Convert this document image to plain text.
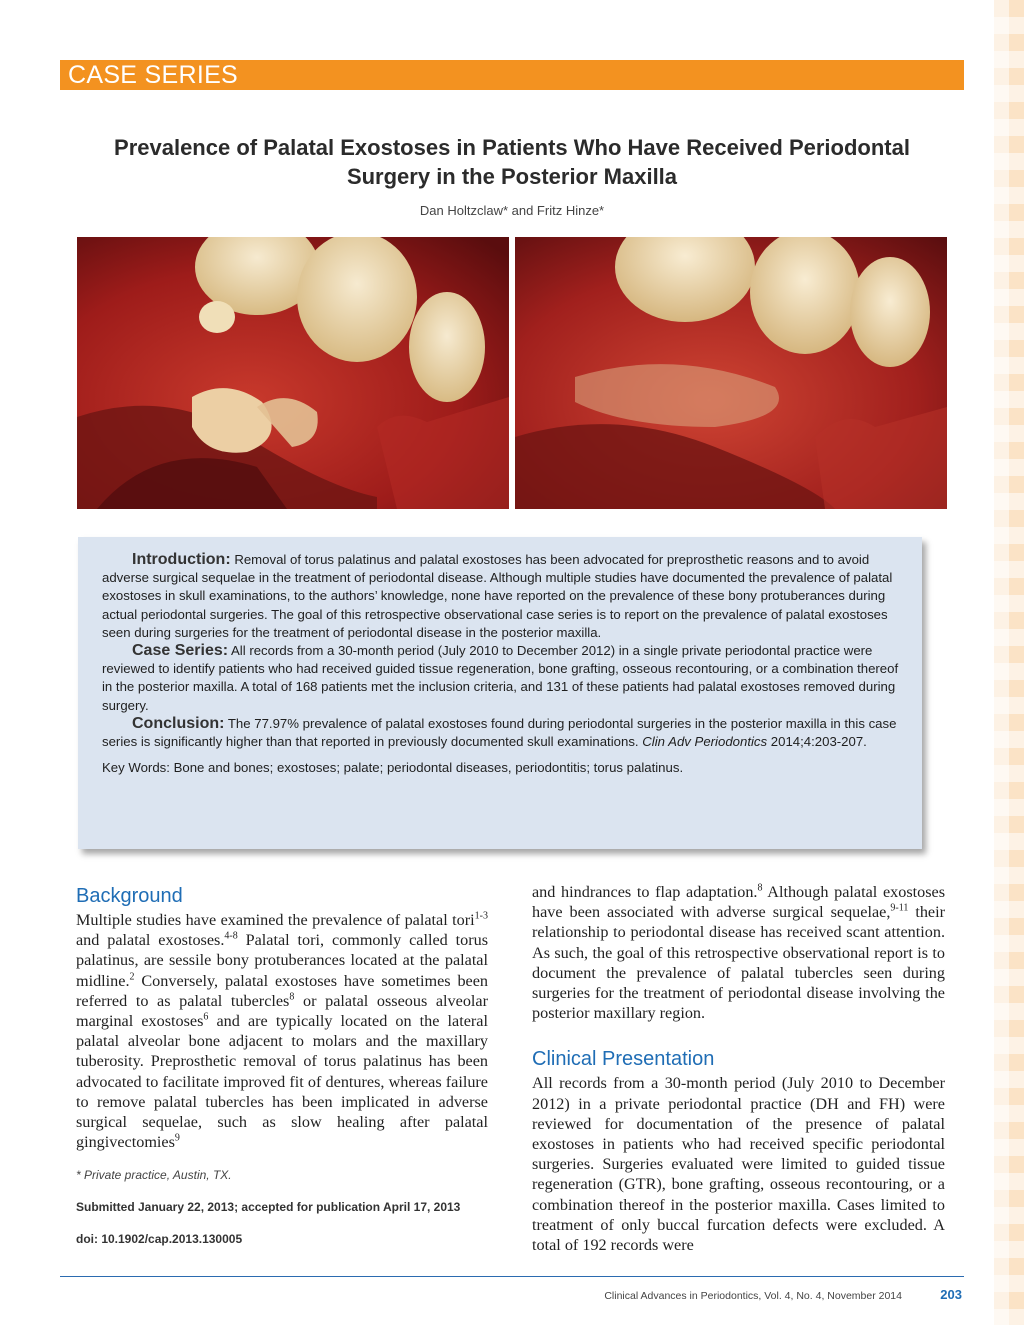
CASE SERIES
Prevalence of Palatal Exostoses in Patients Who Have Received Periodontal
Surgery in the Posterior Maxilla
Dan Holtzclaw* and Fritz Hinze*

Introduction: Removal of torus palatinus and palatal exostoses has been advocated for preprosthetic reasons and to avoid adverse surgical sequelae in the treatment of periodontal disease. Although multiple studies have documented the prevalence of palatal exostoses in skull examinations, to the authors’ knowledge, none have reported on the prevalence of these bony protuberances during actual periodontal surgeries. The goal of this retrospective observational case series is to report on the prevalence of palatal exostoses seen during surgeries for the treatment of periodontal disease in the posterior maxilla.

Case Series: All records from a 30-month period (July 2010 to December 2012) in a single private periodontal practice were reviewed to identify patients who had received guided tissue regeneration, bone grafting, osseous recontouring, or a combination thereof in the posterior maxilla. A total of 168 patients met the inclusion criteria, and 131 of these patients had palatal exostoses removed during surgery.

Conclusion: The 77.97% prevalence of palatal exostoses found during periodontal surgeries in the posterior maxilla in this case series is significantly higher than that reported in previously documented skull examinations. Clin Adv Periodontics 2014;4:203-207.

Key Words: Bone and bones; exostoses; palate; periodontal diseases, periodontitis; torus palatinus.

Background

Multiple studies have examined the prevalence of palatal tori$^{1-3}$ and palatal exostoses.$^{4-8}$ Palatal tori, commonly called torus palatinus, are sessile bony protuberances located at the palatal midline.$^2$ Conversely, palatal exostoses have sometimes been referred to as palatal tubercles$^8$ or palatal osseous alveolar marginal exostoses$^6$ and are typically located on the lateral palatal alveolar bone adjacent to molars and the maxillary tuberosity. Preprosthetic removal of torus palatinus has been advocated to facilitate improved fit of dentures, whereas failure to remove palatal tubercles has been implicated in adverse surgical sequelae, such as slow healing after palatal gingivectomies$^9$

* Private practice, Austin, TX.
Submitted January 22, 2013; accepted for publication April 17, 2013
doi: 10.1902/cap.2013.130005

and hindrances to flap adaptation.$^8$ Although palatal exostoses have been associated with adverse surgical sequelae,$^{9-11}$ their relationship to periodontal disease has received scant attention. As such, the goal of this retrospective observational report is to document the prevalence of palatal tubercles seen during surgeries for the treatment of periodontal disease involving the posterior maxillary region.

Clinical Presentation

All records from a 30-month period (July 2010 to December 2012) in a private periodontal practice (DH and FH) were reviewed for documentation of the presence of palatal exostoses in patients who had received specific periodontal surgeries. Surgeries evaluated were limited to guided tissue regeneration (GTR), bone grafting, osseous recontouring, or a combination thereof in the posterior maxilla. Cases limited to treatment of only buccal furcation defects were excluded. A total of 192 records were

Clinical Advances in Periodontics, Vol. 4, No. 4, November 2014	203
